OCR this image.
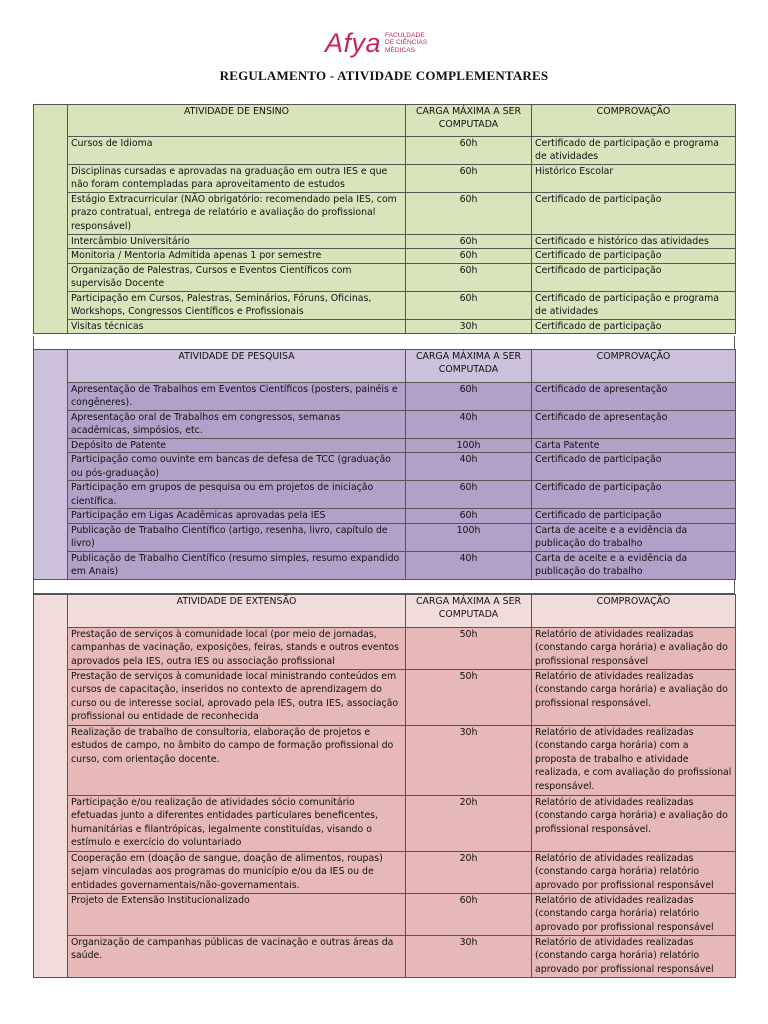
Afya FACULDADE
DE CIÊNCIAS
MÉDICAS
REGULAMENTO - ATIVIDADE COMPLEMENTARES
	ATIVIDADE DE ENSINO	CARGA MÁXIMA A SER COMPUTADA	COMPROVAÇÃO
	Cursos de Idioma	60h	Certificado de participação e programa de atividades
	Disciplinas cursadas e aprovadas na graduação em outra IES e que não foram contempladas para aproveitamento de estudos	60h	Histórico Escolar
	Estágio Extracurricular (NÃO obrigatório: recomendado pela IES, com prazo contratual, entrega de relatório e avaliação do profissional responsável)	60h	Certificado de participação
	Intercâmbio Universitário	60h	Certificado e histórico das atividades
	Monitoria / Mentoria Admitida apenas 1 por semestre	60h	Certificado de participação
	Organização de Palestras, Cursos e Eventos Científicos com supervisão Docente	60h	Certificado de participação
	Participação em Cursos, Palestras, Seminários, Fóruns, Oficinas, Workshops, Congressos Científicos e Profissionais	60h	Certificado de participação e programa de atividades
	Visitas técnicas	30h	Certificado de participação
	ATIVIDADE DE PESQUISA	CARGA MÁXIMA A SER COMPUTADA	COMPROVAÇÃO
	Apresentação de Trabalhos em Eventos Científicos (posters, painéis e congêneres).	60h	Certificado de apresentação
	Apresentação oral de Trabalhos em congressos, semanas acadêmicas, simpósios, etc.	40h	Certificado de apresentação
	Depósito de Patente	100h	Carta Patente
	Participação como ouvinte em bancas de defesa de TCC (graduação ou pós-graduação)	40h	Certificado de participação
	Participação em grupos de pesquisa ou em projetos de iniciação científica.	60h	Certificado de participação
	Participação em Ligas Acadêmicas aprovadas pela IES	60h	Certificado de participação
	Publicação de Trabalho Científico (artigo, resenha, livro, capítulo de livro)	100h	Carta de aceite e a evidência da publicação do trabalho
	Publicação de Trabalho Científico (resumo simples, resumo expandido em Anais)	40h	Carta de aceite e a evidência da publicação do trabalho
	ATIVIDADE DE EXTENSÃO	CARGA MÁXIMA A SER COMPUTADA	COMPROVAÇÃO
	Prestação de serviços à comunidade local (por meio de jornadas, campanhas de vacinação, exposições, feiras, stands e outros eventos aprovados pela IES, outra IES ou associação profissional	50h	Relatório de atividades realizadas (constando carga horária) e avaliação do profissional responsável
	Prestação de serviços à comunidade local ministrando conteúdos em cursos de capacitação, inseridos no contexto de aprendizagem do curso ou de interesse social, aprovado pela IES, outra IES, associação profissional ou entidade de reconhecida	50h	Relatório de atividades realizadas (constando carga horária) e avaliação do profissional responsável.
	Realização de trabalho de consultoria, elaboração de projetos e estudos de campo, no âmbito do campo de formação profissional do curso, com orientação docente.	30h	Relatório de atividades realizadas (constando carga horária) com a proposta de trabalho e atividade realizada, e com avaliação do profissional responsável.
	Participação e/ou realização de atividades sócio comunitário efetuadas junto a diferentes entidades particulares beneficentes, humanitárias e filantrópicas, legalmente constituídas, visando o estímulo e exercício do voluntariado	20h	Relatório de atividades realizadas (constando carga horária) e avaliação do profissional responsável.
	Cooperação em (doação de sangue, doação de alimentos, roupas) sejam vinculadas aos programas do município e/ou da IES ou de entidades governamentais/não-governamentais.	20h	Relatório de atividades realizadas (constando carga horária) relatório aprovado por profissional responsável
	Projeto de Extensão Institucionalizado	60h	Relatório de atividades realizadas (constando carga horária) relatório aprovado por profissional responsável
	Organização de campanhas públicas de vacinação e outras áreas da saúde.	30h	Relatório de atividades realizadas (constando carga horária) relatório aprovado por profissional responsável
